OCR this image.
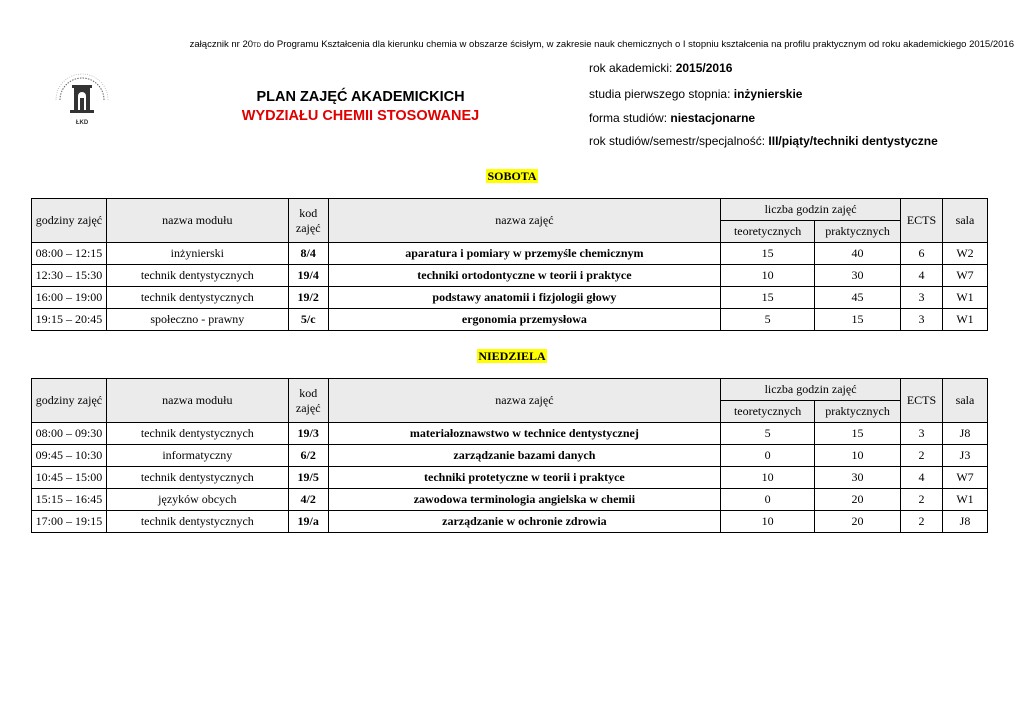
załącznik nr 20TD do Programu Kształcenia dla kierunku chemia w obszarze ścisłym, w zakresie nauk chemicznych o I stopniu kształcenia na profilu praktycznym od roku akademickiego 2015/2016
ŁKD
PLAN ZAJĘĆ AKADEMICKICH
WYDZIAŁU CHEMII STOSOWANEJ
rok akademicki: 2015/2016
studia pierwszego stopnia: inżynierskie
forma studiów: niestacjonarne
rok studiów/semestr/specjalność: III/piąty/techniki dentystyczne
SOBOTA
godziny zajęć	nazwa modułu	kod zajęć	nazwa zajęć	liczba godzin zajęć		ECTS	sala
				teoretycznych	praktycznych		
08:00 – 12:15	inżynierski	8/4	aparatura i pomiary w przemyśle chemicznym	15	40	6	W2
12:30 – 15:30	technik dentystycznych	19/4	techniki ortodontyczne w teorii i praktyce	10	30	4	W7
16:00 – 19:00	technik dentystycznych	19/2	podstawy anatomii i fizjologii głowy	15	45	3	W1
19:15 – 20:45	społeczno - prawny	5/c	ergonomia przemysłowa	5	15	3	W1
NIEDZIELA
godziny zajęć	nazwa modułu	kod zajęć	nazwa zajęć	liczba godzin zajęć		ECTS	sala
				teoretycznych	praktycznych		
08:00 – 09:30	technik dentystycznych	19/3	materiałoznawstwo w technice dentystycznej	5	15	3	J8
09:45 – 10:30	informatyczny	6/2	zarządzanie bazami danych	0	10	2	J3
10:45 – 15:00	technik dentystycznych	19/5	techniki protetyczne w teorii i praktyce	10	30	4	W7
15:15 – 16:45	języków obcych	4/2	zawodowa terminologia angielska w chemii	0	20	2	W1
17:00 – 19:15	technik dentystycznych	19/a	zarządzanie w ochronie zdrowia	10	20	2	J8
